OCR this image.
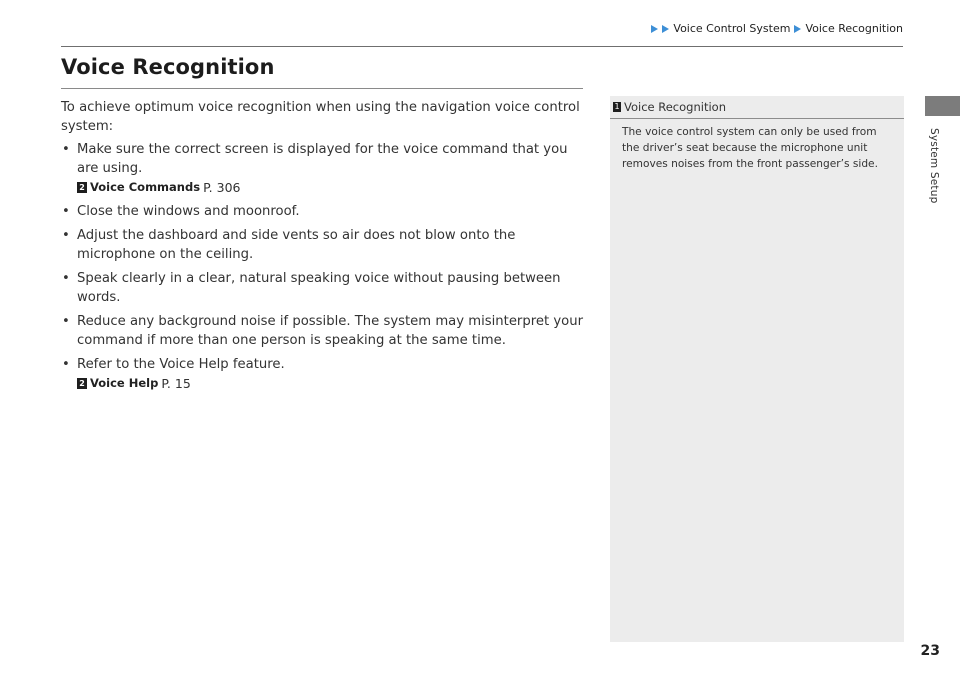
Voice Control System Voice Recognition
Voice Recognition

To achieve optimum voice recognition when using the navigation voice control system:

• Make sure the correct screen is displayed for the voice command that you are using.
2 Voice Commands P. 306
• Close the windows and moonroof.
• Adjust the dashboard and side vents so air does not blow onto the microphone on the ceiling.
• Speak clearly in a clear, natural speaking voice without pausing between words.
• Reduce any background noise if possible. The system may misinterpret your command if more than one person is speaking at the same time.
• Refer to the Voice Help feature.
2 Voice Help P. 15
1 Voice Recognition
The voice control system can only be used from the driver’s seat because the microphone unit removes noises from the front passenger’s side.	System Setup
23
